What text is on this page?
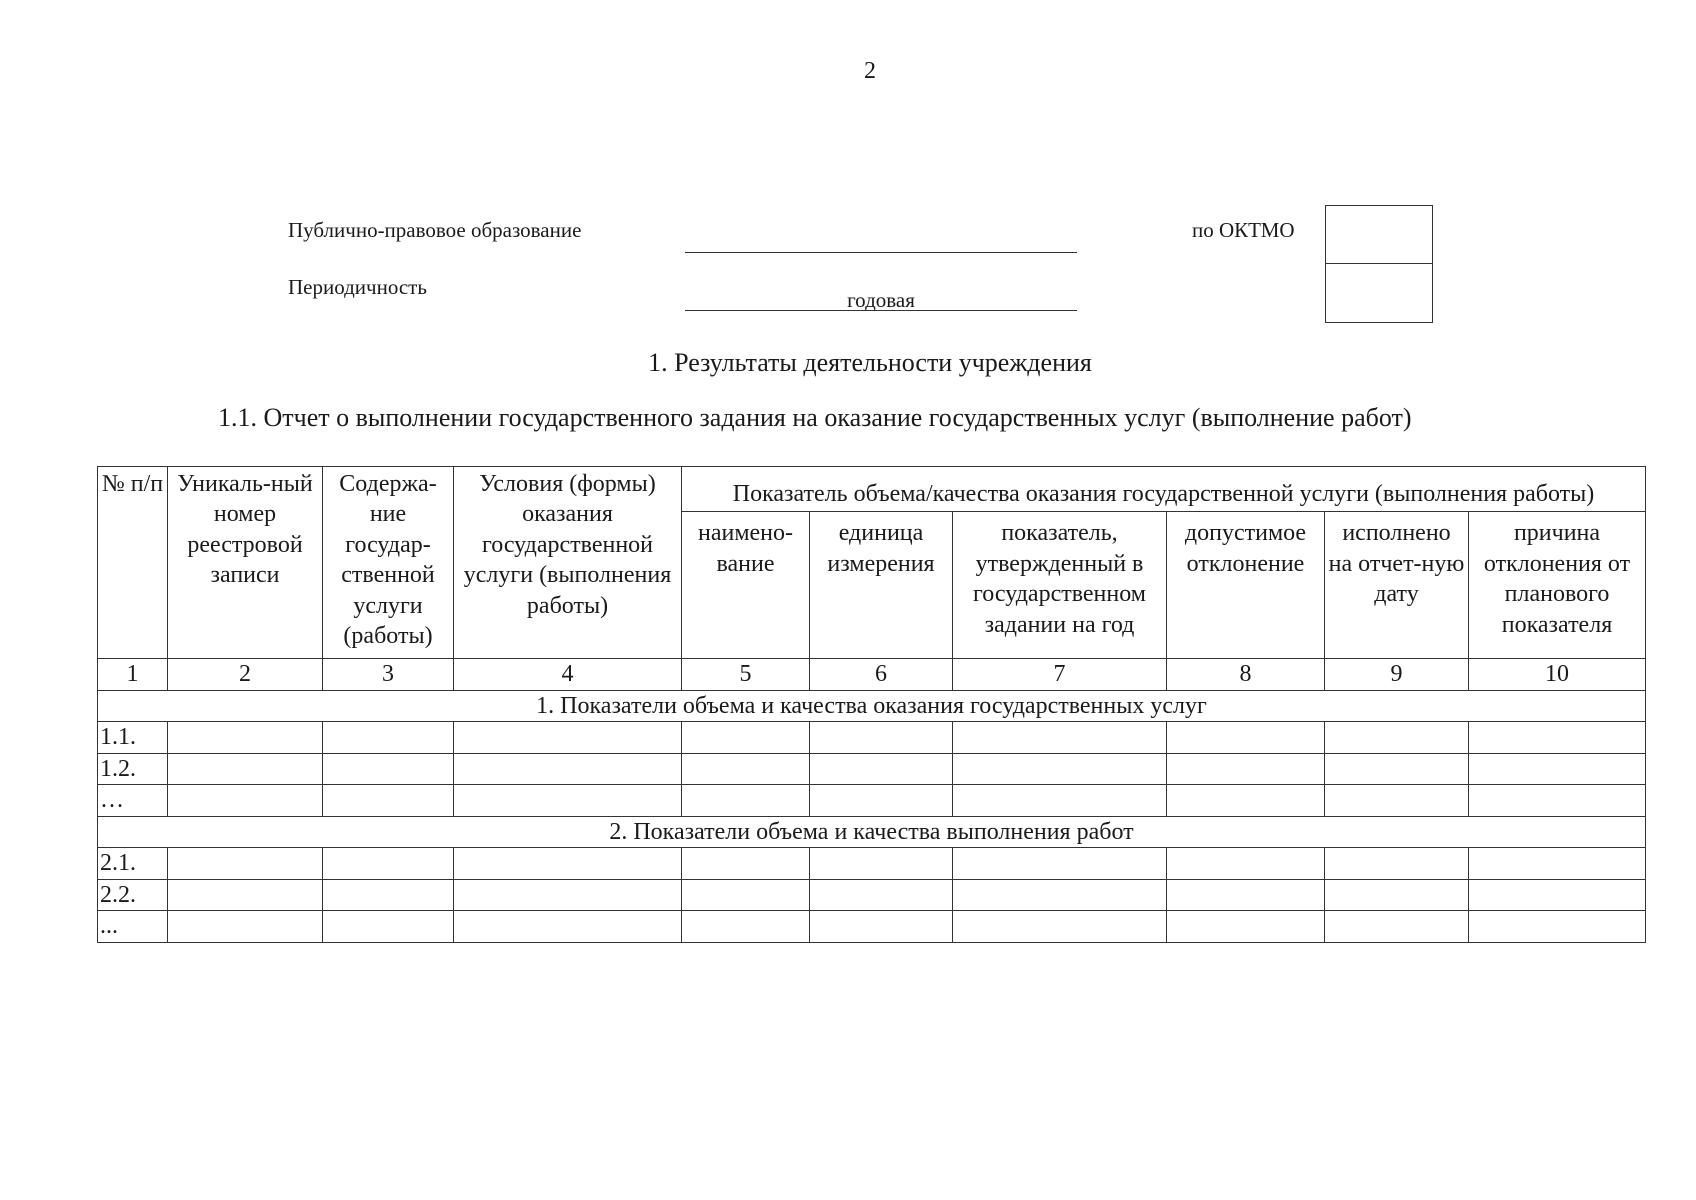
2
Публично-правовое образование
Периодичность
годовая
по ОКТМО
1. Результаты деятельности учреждения
1.1. Отчет о выполнении государственного задания на оказание государственных услуг (выполнение работ)
№ п/п	Уникаль-ный номер реестровой записи	Содержа-ние государ-ственной услуги (работы)	Условия (формы) оказания государственной услуги (выполнения работы)	Показатель объема/качества оказания государственной услуги (выполнения работы)					
				наимено-вание	единица измерения	показатель, утвержденный в государственном задании на год	допустимое отклонение	исполнено на отчет-ную дату	причина отклонения от планового показателя
1	2	3	4	5	6	7	8	9	10
1. Показатели объема и качества оказания государственных услуг									
1.1.									
1.2.									
…									
2. Показатели объема и качества выполнения работ									
2.1.									
2.2.									
...									
